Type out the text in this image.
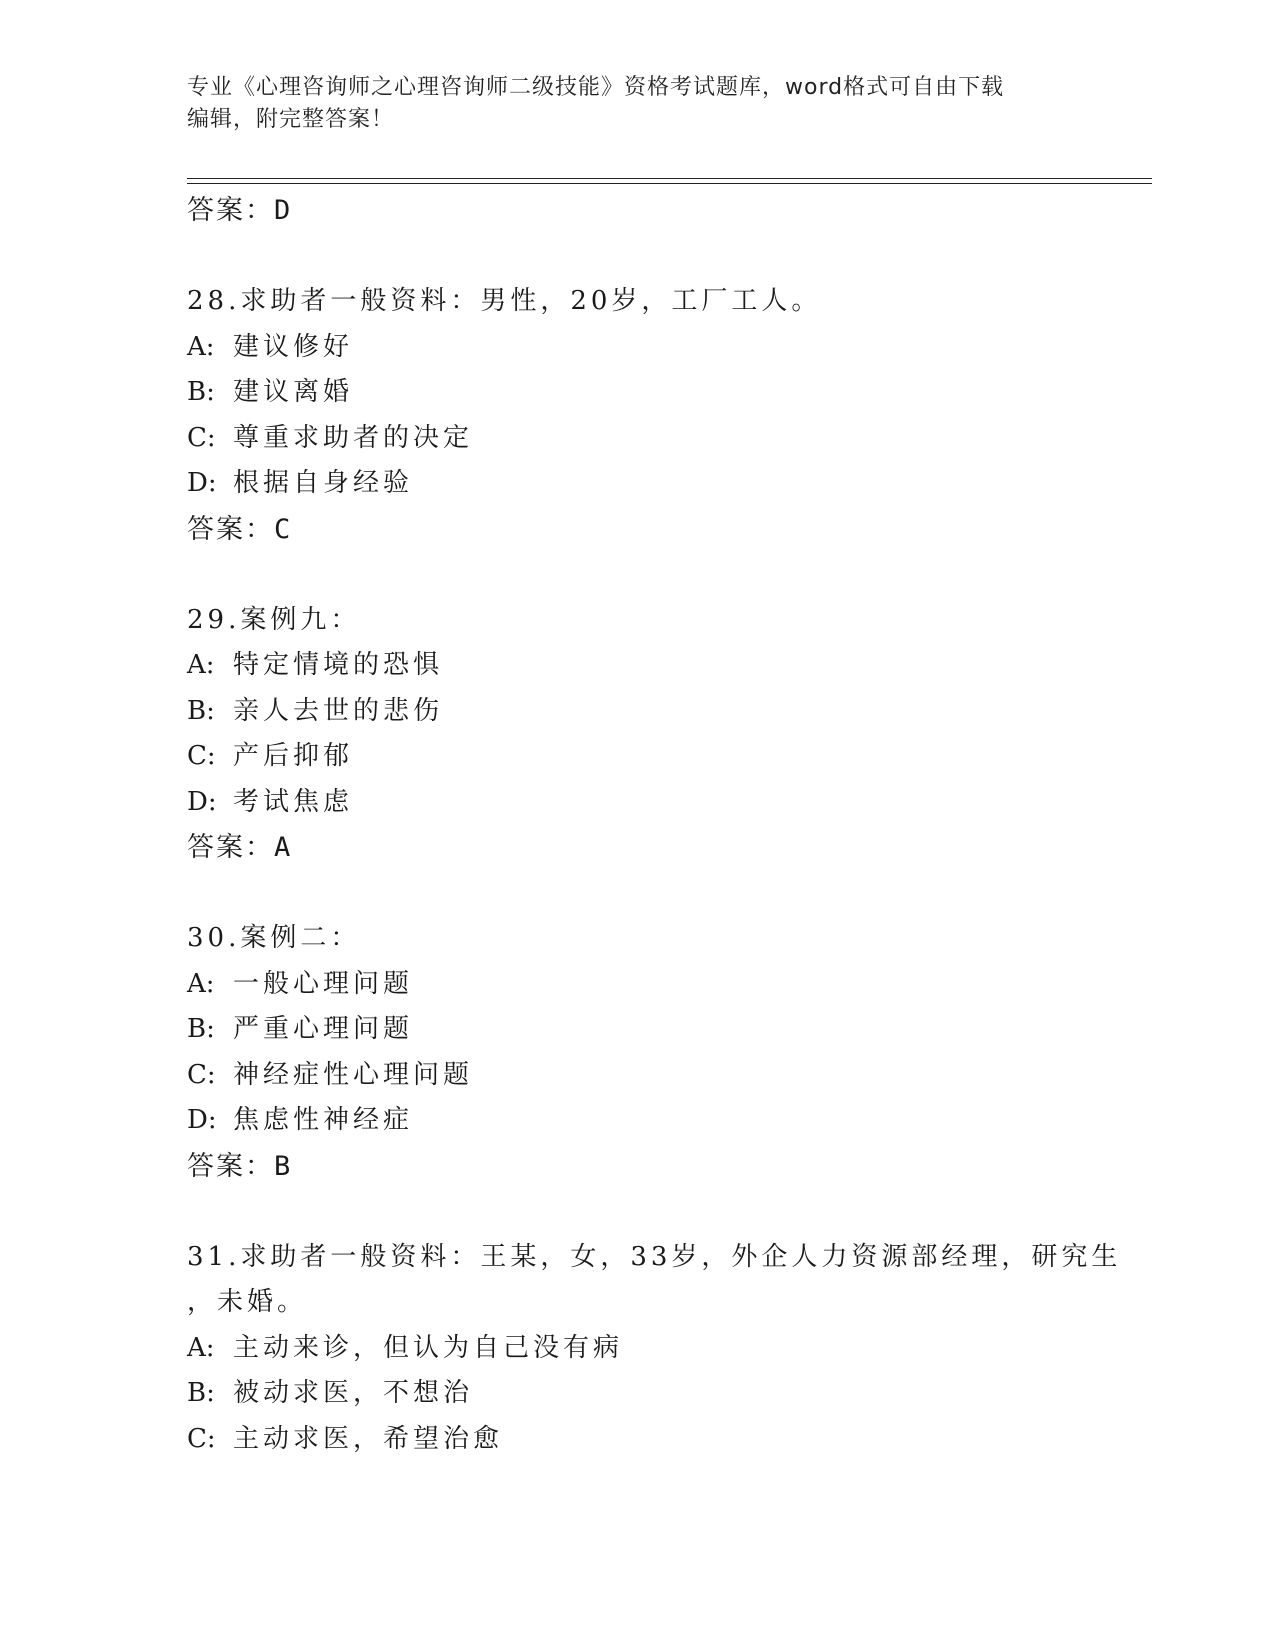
专业《心理咨询师之心理咨询师二级技能》资格考试题库，word格式可自由下载
编辑，附完整答案！
答案：D
28.求助者一般资料：男性，20岁，工厂工人。
A: 建议修好
B: 建议离婚
C: 尊重求助者的决定
D: 根据自身经验
答案：C
29.案例九：
A: 特定情境的恐惧
B: 亲人去世的悲伤
C: 产后抑郁
D: 考试焦虑
答案：A
30.案例二：
A: 一般心理问题
B: 严重心理问题
C: 神经症性心理问题
D: 焦虑性神经症
答案：B
31.求助者一般资料：王某，女，33岁，外企人力资源部经理，研究生
，未婚。
A: 主动来诊，但认为自己没有病
B: 被动求医，不想治
C: 主动求医，希望治愈
